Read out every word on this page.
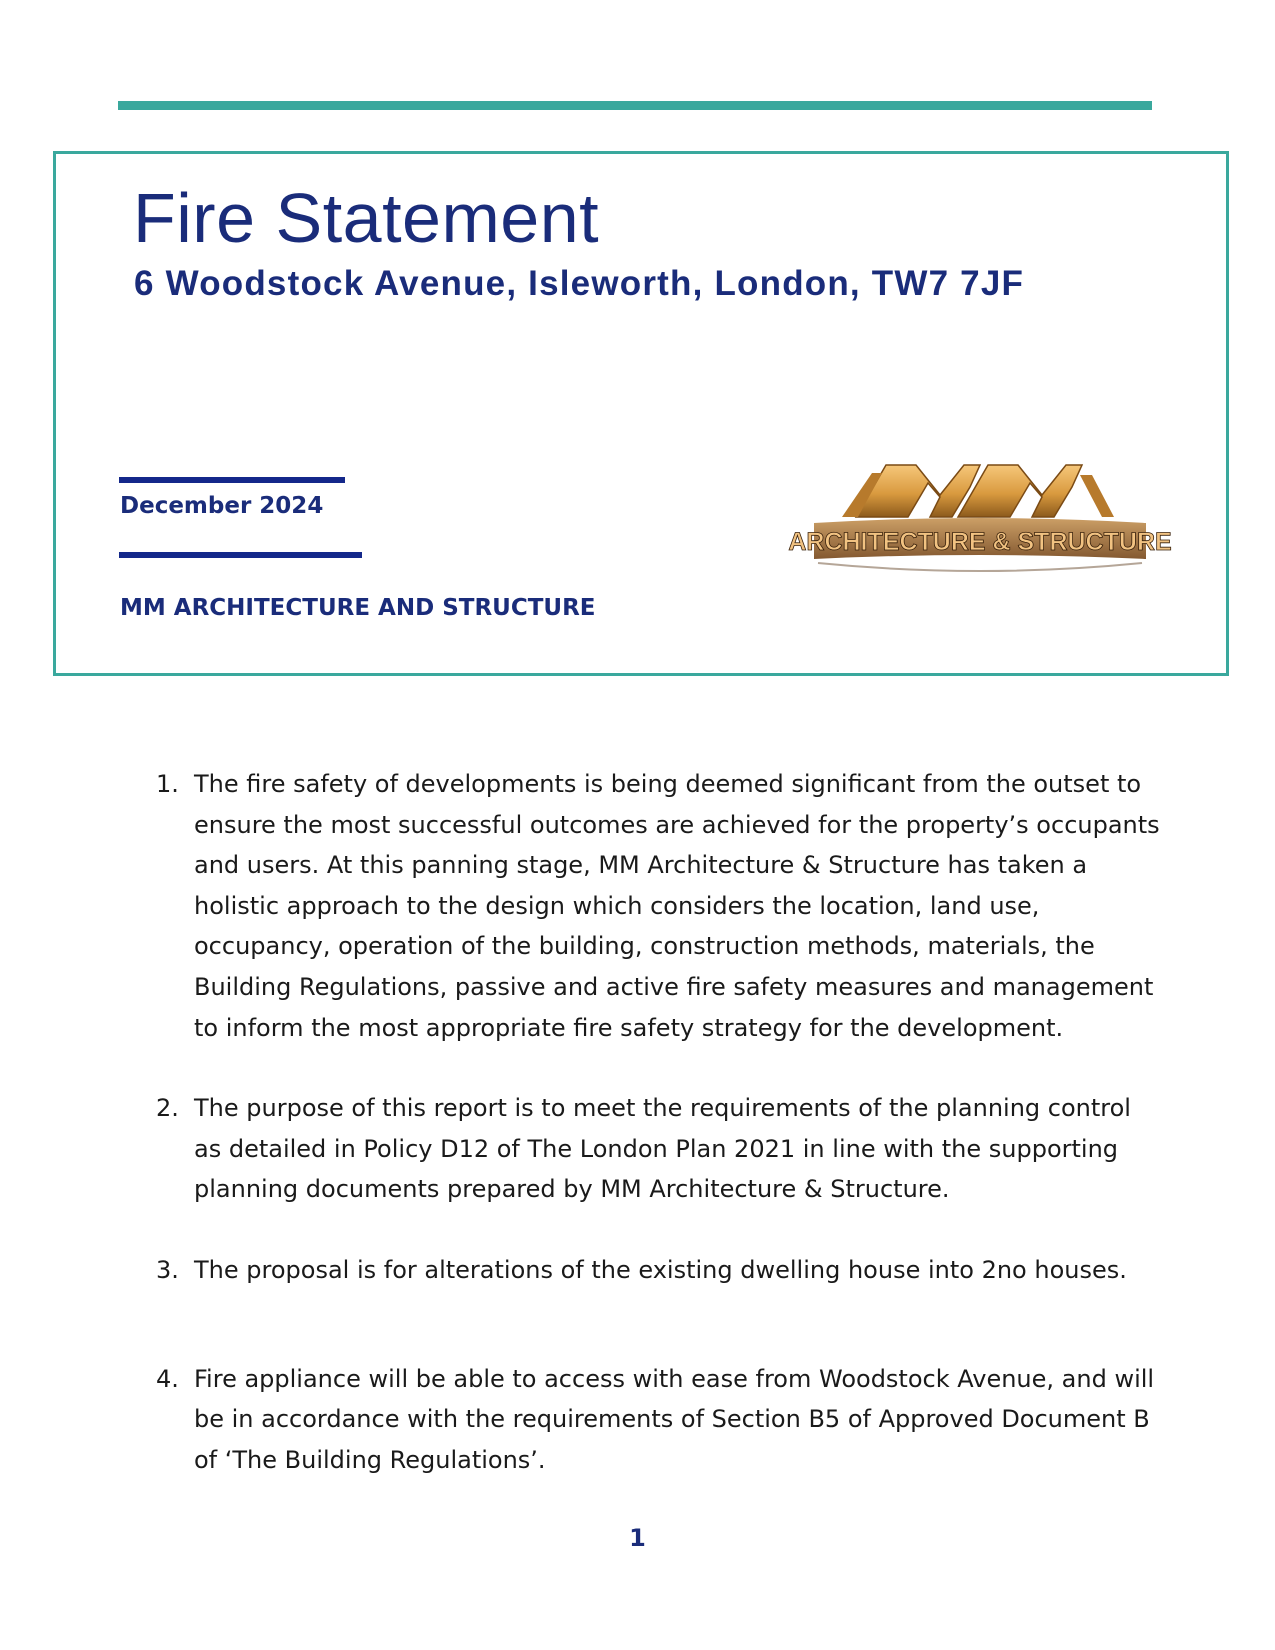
Fire Statement
6 Woodstock Avenue, Isleworth, London, TW7 7JF
December 2024
MM ARCHITECTURE AND STRUCTURE
ARCHITECTURE & STRUCTURE
1. The fire safety of developments is being deemed significant from the outset to ensure the most successful outcomes are achieved for the property’s occupants and users. At this panning stage, MM Architecture & Structure has taken a holistic approach to the design which considers the location, land use, occupancy, operation of the building, construction methods, materials, the Building Regulations, passive and active fire safety measures and management to inform the most appropriate fire safety strategy for the development.
2. The purpose of this report is to meet the requirements of the planning control as detailed in Policy D12 of The London Plan 2021 in line with the supporting planning documents prepared by MM Architecture & Structure.
3. The proposal is for alterations of the existing dwelling house into 2no houses.
4. Fire appliance will be able to access with ease from Woodstock Avenue, and will be in accordance with the requirements of Section B5 of Approved Document B of ‘The Building Regulations’.
1
